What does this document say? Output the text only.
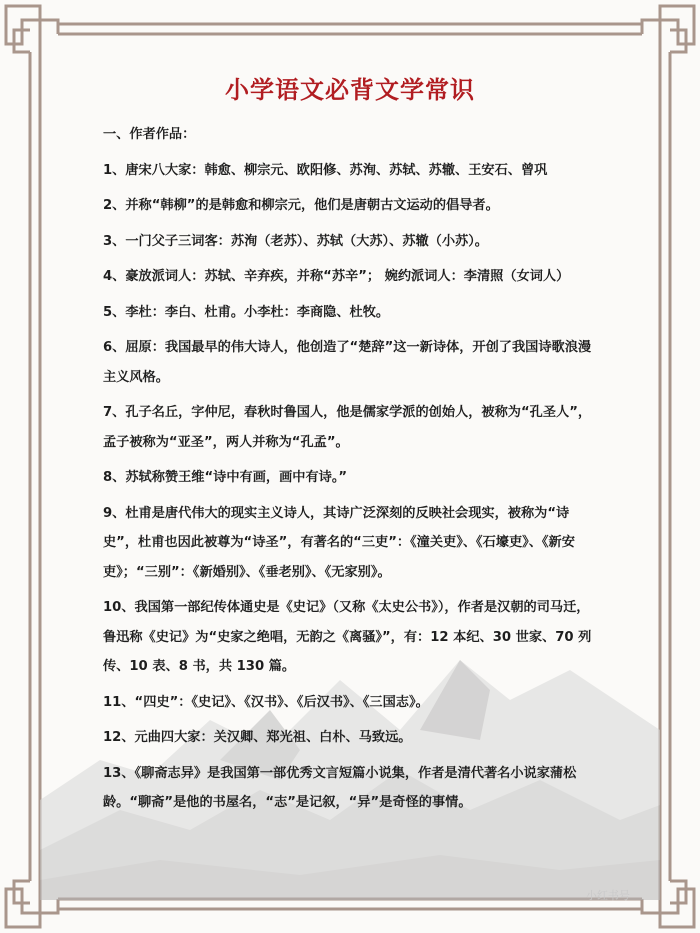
小学语文必背文学常识

一、作者作品：

1、唐宋八大家：韩愈、柳宗元、欧阳修、苏洵、苏轼、苏辙、王安石、曾巩

2、并称“韩柳”的是韩愈和柳宗元，他们是唐朝古文运动的倡导者。

3、一门父子三词客：苏洵（老苏）、苏轼（大苏）、苏辙（小苏）。

4、豪放派词人：苏轼、辛弃疾，并称“苏辛”； 婉约派词人：李清照（女词人）

5、李杜：李白、杜甫。小李杜：李商隐、杜牧。

6、屈原：我国最早的伟大诗人，他创造了“楚辞”这一新诗体，开创了我国诗歌浪漫主义风格。

7、孔子名丘，字仲尼，春秋时鲁国人，他是儒家学派的创始人，被称为“孔圣人”，孟子被称为“亚圣”，两人并称为“孔孟”。

8、苏轼称赞王维“诗中有画，画中有诗。”

9、杜甫是唐代伟大的现实主义诗人，其诗广泛深刻的反映社会现实，被称为“诗史”，杜甫也因此被尊为“诗圣”，有著名的“三吏”：《潼关吏》、《石壕吏》、《新安吏》；“三别”：《新婚别》、《垂老别》、《无家别》。

10、我国第一部纪传体通史是《史记》（又称《太史公书》），作者是汉朝的司马迁，鲁迅称《史记》为“史家之绝唱，无韵之《离骚》”，有：12 本纪、30 世家、70 列传、10 表、8 书，共 130 篇。

11、“四史”：《史记》、《汉书》、《后汉书》、《三国志》。

12、元曲四大家：关汉卿、郑光祖、白朴、马致远。

13、《聊斋志异》是我国第一部优秀文言短篇小说集，作者是清代著名小说家蒲松龄。“聊斋”是他的书屋名，“志”是记叙，“异”是奇怪的事情。

小红书号
